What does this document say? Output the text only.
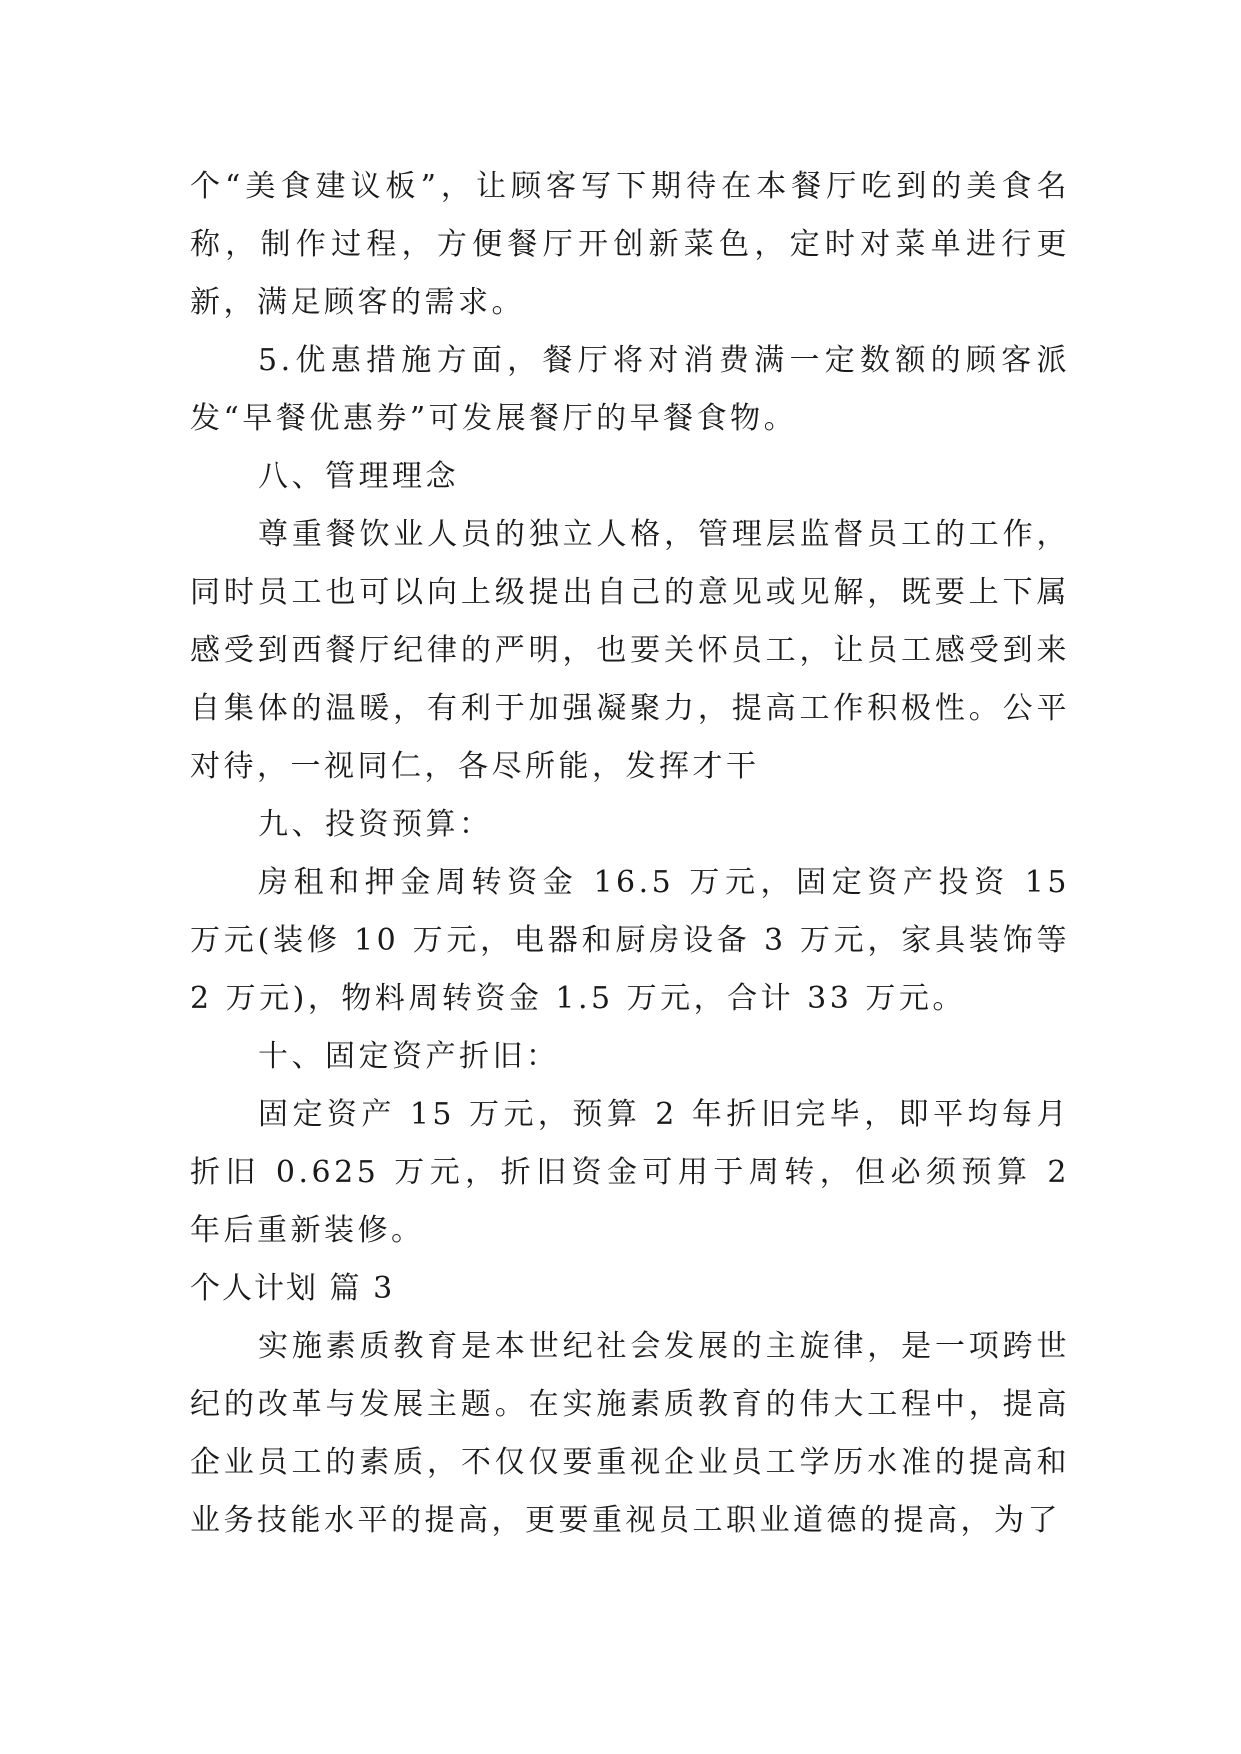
个“美食建议板”，让顾客写下期待在本餐厅吃到的美食名称，制作过程，方便餐厅开创新菜色，定时对菜单进行更新，满足顾客的需求。

5.优惠措施方面，餐厅将对消费满一定数额的顾客派发“早餐优惠券”可发展餐厅的早餐食物。

八、管理理念

尊重餐饮业人员的独立人格，管理层监督员工的工作，同时员工也可以向上级提出自己的意见或见解，既要上下属感受到西餐厅纪律的严明，也要关怀员工，让员工感受到来自集体的温暖，有利于加强凝聚力，提高工作积极性。公平对待，一视同仁，各尽所能，发挥才干

九、投资预算：

房租和押金周转资金 16.5 万元，固定资产投资 15 万元(装修 10 万元，电器和厨房设备 3 万元，家具装饰等 2 万元)，物料周转资金 1.5 万元，合计 33 万元。

十、固定资产折旧：

固定资产 15 万元，预算 2 年折旧完毕，即平均每月折旧 0.625 万元，折旧资金可用于周转，但必须预算 2 年后重新装修。

个人计划 篇 3

实施素质教育是本世纪社会发展的主旋律，是一项跨世纪的改革与发展主题。在实施素质教育的伟大工程中，提高企业员工的素质，不仅仅要重视企业员工学历水准的提高和业务技能水平的提高，更要重视员工职业道德的提高，为了
